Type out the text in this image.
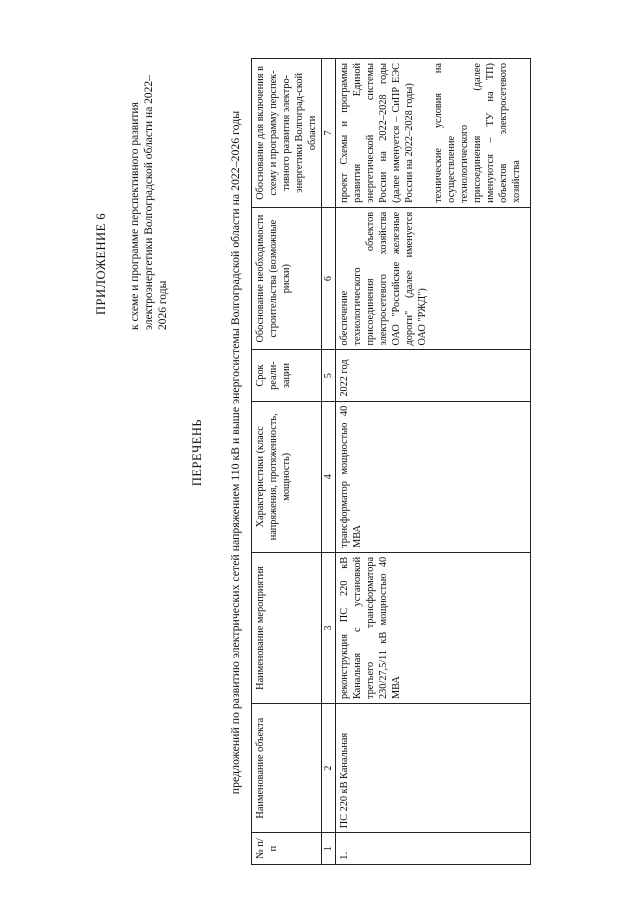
ПРИЛОЖЕНИЕ 6 к схеме и программе перспективного развития электроэнергетики Волгоградской области на 2022–2026 годы
ПЕРЕЧЕНЬ предложений по развитию электрических сетей напряжением 110 кВ и выше энергосистемы Волгоградской области на 2022–2026 годы
№ п/п	Наименование объекта	Наименование мероприятия	Характеристики (класс напряжения, протяженность, мощность)	Срок реали-зации	Обоснование необходимости строительства (возможные риски)	Обоснование для включения в схему и программу перспек-тивного развития электро-энергетики Волгоград-ской области
1	2	3	4	5	6	7
1.	ПС 220 кВ Канальная	реконструкция ПС 220 кВ Канальная с установкой третьего трансформатора 230/27,5/11 кВ мощностью 40 МВА	трансформатор мощностью 40 МВА	2022 год	обеспечение технологического присоединения объектов электросетевого хозяйства ОАО "Российские железные дороги" (далее именуется ОАО "РЖД")	проект Схемы и программы развития Единой энергетической системы России на 2022–2028 годы (далее именуется – СиПР ЕЭС России на 2022–2028 годы) технические условия на осуществление технологического присоединения (далее именуются – ТУ на ТП) объектов электросетевого хозяйства
